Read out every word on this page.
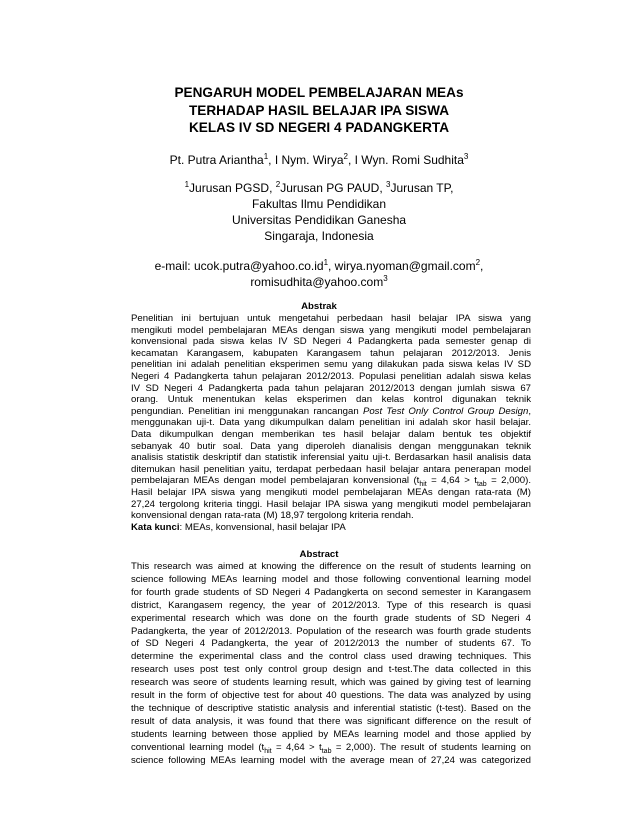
PENGARUH MODEL PEMBELAJARAN MEAs
TERHADAP HASIL BELAJAR IPA SISWA
KELAS IV SD NEGERI 4 PADANGKERTA
Pt. Putra Ariantha$^1$, I Nym. Wirya$^2$, I Wyn. Romi Sudhita$^3$
$^1$Jurusan PGSD, $^2$Jurusan PG PAUD, $^3$Jurusan TP,
Fakultas Ilmu Pendidikan
Universitas Pendidikan Ganesha
Singaraja, Indonesia
e-mail: $ucok.putra@yahoo.co.id^1$, wirya.nyoman@gmail.com$^2$,
romisudhita@yahoo.com$^3$
Abstrak
Penelitian ini bertujuan untuk mengetahui perbedaan hasil belajar IPA siswa yang
mengikuti model pembelajaran MEAs dengan siswa yang mengikuti model pembelajaran
konvensional pada siswa kelas IV SD Negeri 4 Padangkerta pada semester genap di
kecamatan Karangasem, kabupaten Karangasem tahun pelajaran 2012/2013. Jenis
penelitian ini adalah penelitian eksperimen semu yang dilakukan pada siswa kelas IV SD
Negeri 4 Padangkerta tahun pelajaran 2012/2013. Populasi penelitian adalah siswa kelas
IV SD Negeri 4 Padangkerta pada tahun pelajaran 2012/2013 dengan jumlah siswa 67
orang. Untuk menentukan kelas eksperimen dan kelas kontrol digunakan teknik
pengundian. Penelitian ini menggunakan rancangan Post Test Only Control Group Design,
menggunakan uji-t. Data yang dikumpulkan dalam penelitian ini adalah skor hasil belajar.
Data dikumpulkan dengan memberikan tes hasil belajar dalam bentuk tes objektif
sebanyak 40 butir soal. Data yang diperoleh dianalisis dengan menggunakan teknik
analisis statistik deskriptif dan statistik inferensial yaitu uji-t. Berdasarkan hasil analisis data
ditemukan hasil penelitian yaitu, terdapat perbedaan hasil belajar antara penerapan model
pembelajaran MEAs dengan model pembelajaran konvensional $(t_{hit} = 4,64 > t_{tab} = 2,000)$.
Hasil belajar IPA siswa yang mengikuti model pembelajaran MEAs dengan rata-rata (M)
27,24 tergolong kriteria tinggi. Hasil belajar IPA siswa yang mengikuti model pembelajaran
konvensional dengan rata-rata (M) 18,97 tergolong kriteria rendah.
Kata kunci: MEAs, konvensional, hasil belajar IPA
Abstract
This research was aimed at knowing the difference on the result of students learning on
science following MEAs learning model and those following conventional learning model
for fourth grade students of SD Negeri 4 Padangkerta on second semester in Karangasem
district, Karangasem regency, the year of 2012/2013. Type of this research is quasi
experimental research which was done on the fourth grade students of SD Negeri 4
Padangkerta, the year of 2012/2013. Population of the research was fourth grade students
of SD Negeri 4 Padangkerta, the year of 2012/2013 the number of students 67. To
determine the experimental class and the control class used drawing techniques. This
research uses post test only control group design and t-test.The data collected in this
research was seore of students learning result, which was gained by giving test of learning
result in the form of objective test for about 40 questions. The data was analyzed by using
the technique of descriptive statistic analysis and inferential statistic (t-test). Based on the
result of data analysis, it was found that there was significant difference on the result of
students learning between those applied by MEAs learning model and those applied by
conventional learning model $(t_{hit} = 4,64 > t_{tab} = 2,000)$. The result of students learning on
science following MEAs learning model with the average mean of 27,24 was categorized
